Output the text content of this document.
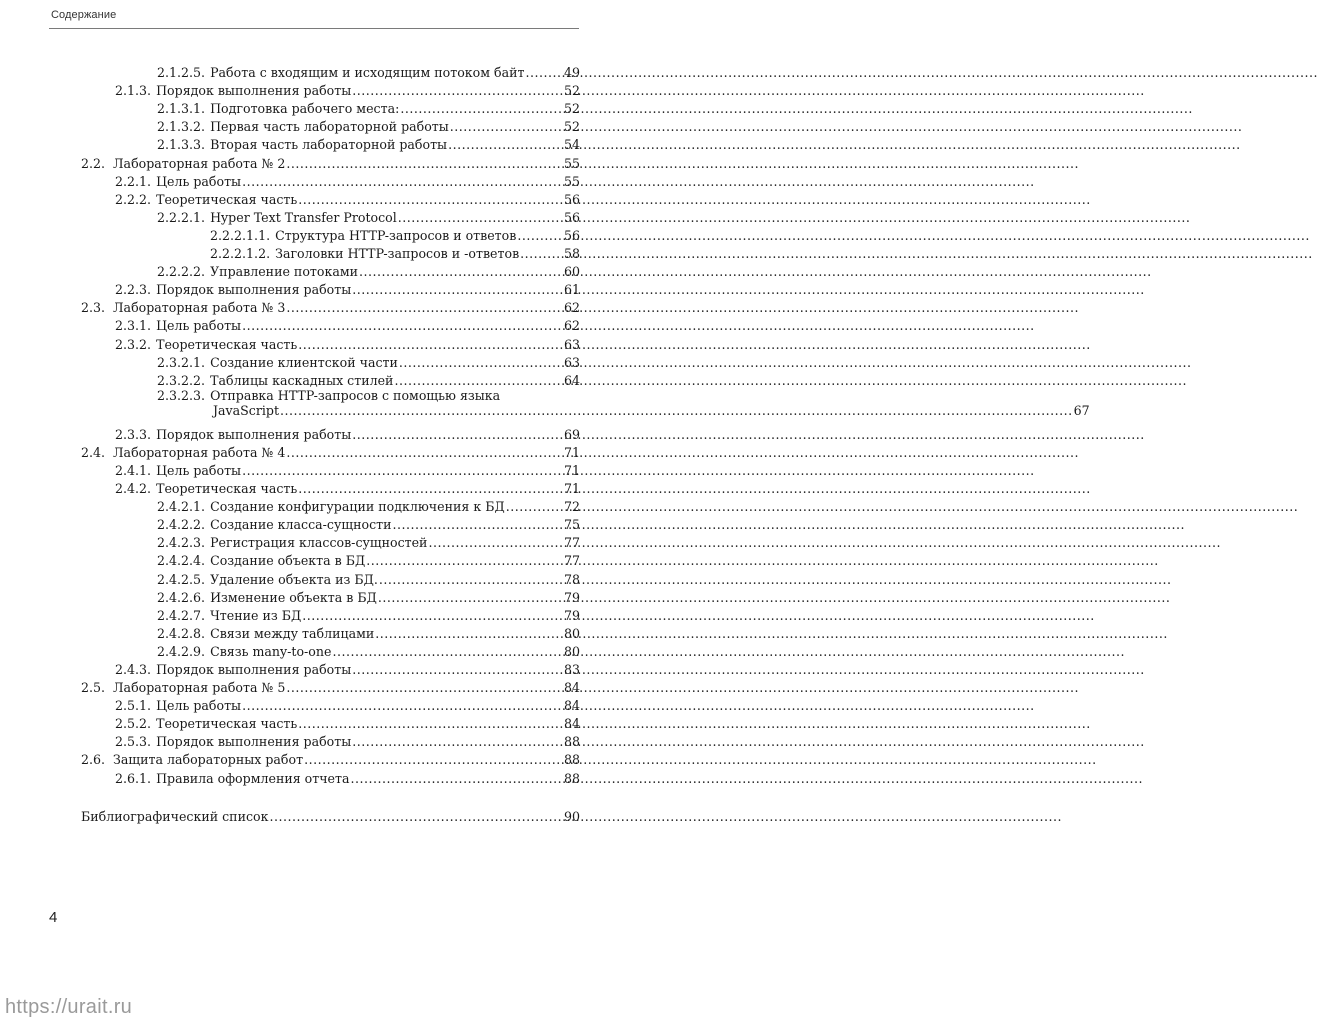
Содержание
2.1.2.5. Работа с входящим и исходящим потоком байт .....	49
2.1.3. Порядок выполнения работы .....	52
2.1.3.1. Подготовка рабочего места: .....	52
2.1.3.2. Первая часть лабораторной работы .....	52
2.1.3.3. Вторая часть лабораторной работы .....	54
2.2. Лабораторная работа № 2 .....	55
2.2.1. Цель работы .....	55
2.2.2. Теоретическая часть .....	56
2.2.2.1. Hyper Text Transfer Protocol .....	56
2.2.2.1.1. Структура HTTP-запросов и ответов .....	56
2.2.2.1.2. Заголовки HTTP-запросов и -ответов .....	58
2.2.2.2. Управление потоками .....	60
2.2.3. Порядок выполнения работы .....	61
2.3. Лабораторная работа № 3 .....	62
2.3.1. Цель работы .....	62
2.3.2. Теоретическая часть .....	63
2.3.2.1. Создание клиентской части .....	63
2.3.2.2. Таблицы каскадных стилей .....	64
2.3.2.3. Отправка HTTP-запросов с помощью языка
JavaScript .....	67
2.3.3. Порядок выполнения работы .....	69
2.4. Лабораторная работа № 4 .....	71
2.4.1. Цель работы .....	71
2.4.2. Теоретическая часть .....	71
2.4.2.1. Создание конфигурации подключения к БД .....	72
2.4.2.2. Создание класса-сущности .....	75
2.4.2.3. Регистрация классов-сущностей .....	77
2.4.2.4. Создание объекта в БД .....	77
2.4.2.5. Удаление объекта из БД. .....	78
2.4.2.6. Изменение объекта в БД .....	79
2.4.2.7. Чтение из БД .....	79
2.4.2.8. Связи между таблицами .....	80
2.4.2.9. Связь many-to-one .....	80
2.4.3. Порядок выполнения работы .....	83
2.5. Лабораторная работа № 5 .....	84
2.5.1. Цель работы .....	84
2.5.2. Теоретическая часть .....	84
2.5.3. Порядок выполнения работы .....	88
2.6. Защита лабораторных работ .....	88
2.6.1. Правила оформления отчета .....	88
Библиографический список .....	90
4
https://urait.ru
